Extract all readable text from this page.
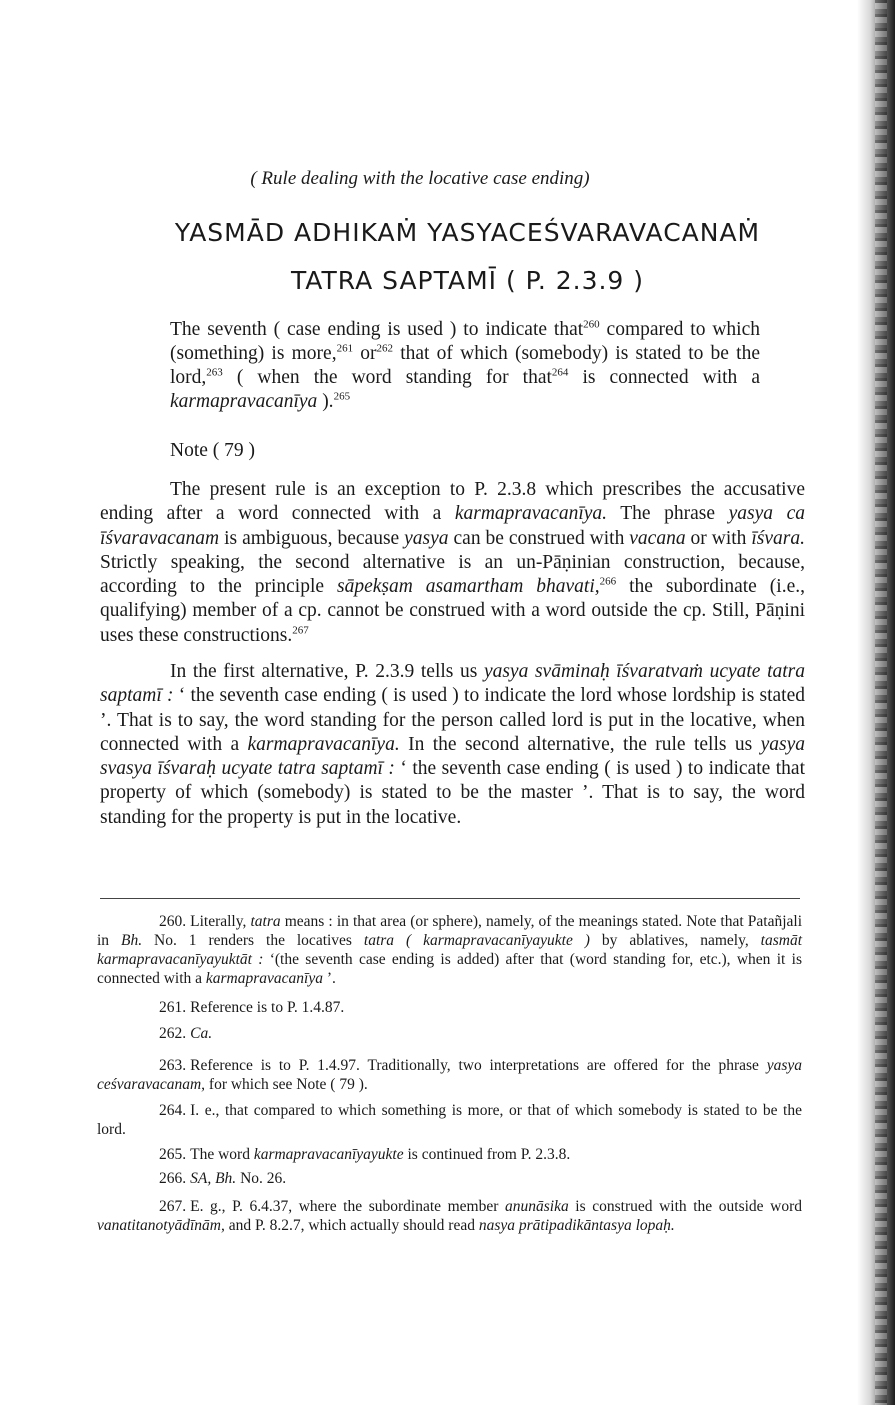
( Rule dealing with the locative case ending)
YASMĀD ADHIKAṀ YASYACEŚVARAVACANAṀ
TATRA SAPTAMĪ ( P. 2.3.9 )
The seventh ( case ending is used ) to indicate that$^{260}$ compared to which (something) is more,$^{261}$ $or^{262}$ that of which (somebody) is stated to be the lord,$^{263}$ ( when the word standing for that$^{264}$ is connected with a karmapravacanīya ).$^{265}$
Note ( 79 )
The present rule is an exception to P. 2.3.8 which prescribes the accusative ending after a word connected with a karmapravacanīya. The phrase yasya ca īśvaravacanam is ambiguous, because yasya can be construed with vacana or with īśvara. Strictly speaking, the second alternative is an un-Pāṇinian construction, because, according to the principle sāpekṣam asamartham bhavati,$^{266}$ the subordinate (i.e., qualifying) member of a cp. cannot be construed with a word outside the cp. Still, Pāṇini uses these constructions.$^{267}$
In the first alternative, P. 2.3.9 tells us yasya svāminaḥ īśvaratvaṁ ucyate tatra saptamī : ‘ the seventh case ending ( is used ) to indicate the lord whose lordship is stated ’. That is to say, the word standing for the person called lord is put in the locative, when connected with a karmapravacanīya. In the second alternative, the rule tells us yasya svasya īśvaraḥ ucyate tatra saptamī : ‘ the seventh case ending ( is used ) to indicate that property of which (somebody) is stated to be the master ’. That is to say, the word standing for the property is put in the locative.
260. Literally, tatra means : in that area (or sphere), namely, of the meanings stated. Note that Patañjali in Bh. No. 1 renders the locatives tatra ( karmapravacanīyayukte ) by ablatives, namely, tasmāt karmapravacanīyayuktāt : ‘(the seventh case ending is added) after that (word standing for, etc.), when it is connected with a karmapravacanīya ’.
261. Reference is to P. 1.4.87.
262. Ca.
263. Reference is to P. 1.4.97. Traditionally, two interpretations are offered for the phrase yasya ceśvaravacanam, for which see Note ( 79 ).
264. I. e., that compared to which something is more, or that of which somebody is stated to be the lord.
265. The word karmapravacanīyayukte is continued from P. 2.3.8.
266. SA, Bh. No. 26.
267. E. g., P. 6.4.37, where the subordinate member anunāsika is construed with the outside word vanatitanotyādīnām, and P. 8.2.7, which actually should read nasya prātipadikāntasya lopaḥ.
